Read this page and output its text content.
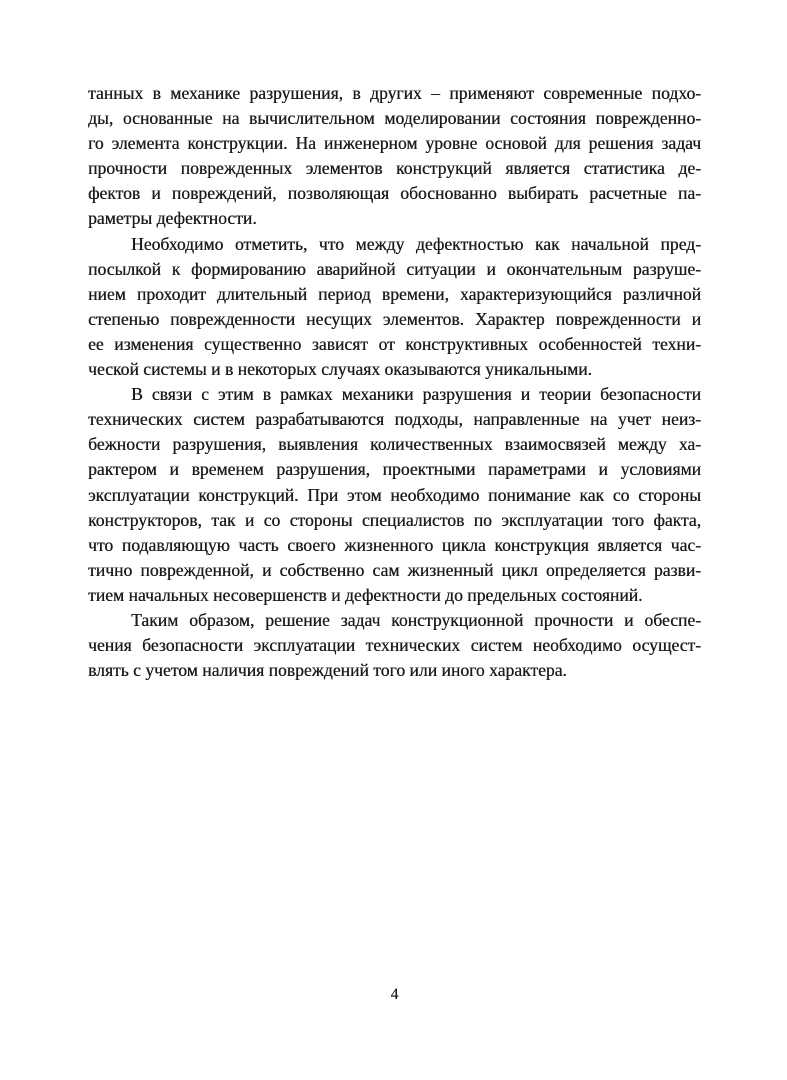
танных в механике разрушения, в других – применяют современные подхо-
ды, основанные на вычислительном моделировании состояния поврежденно-
го элемента конструкции. На инженерном уровне основой для решения задач
прочности поврежденных элементов конструкций является статистика де-
фектов и повреждений, позволяющая обоснованно выбирать расчетные па-
раметры дефектности.
Необходимо отметить, что между дефектностью как начальной пред-
посылкой к формированию аварийной ситуации и окончательным разруше-
нием проходит длительный период времени, характеризующийся различной
степенью поврежденности несущих элементов. Характер поврежденности и
ее изменения существенно зависят от конструктивных особенностей техни-
ческой системы и в некоторых случаях оказываются уникальными.
В связи с этим в рамках механики разрушения и теории безопасности
технических систем разрабатываются подходы, направленные на учет неиз-
бежности разрушения, выявления количественных взаимосвязей между ха-
рактером и временем разрушения, проектными параметрами и условиями
эксплуатации конструкций. При этом необходимо понимание как со стороны
конструкторов, так и со стороны специалистов по эксплуатации того факта,
что подавляющую часть своего жизненного цикла конструкция является час-
тично поврежденной, и собственно сам жизненный цикл определяется разви-
тием начальных несовершенств и дефектности до предельных состояний.
Таким образом, решение задач конструкционной прочности и обеспе-
чения безопасности эксплуатации технических систем необходимо осущест-
влять с учетом наличия повреждений того или иного характера.
4
